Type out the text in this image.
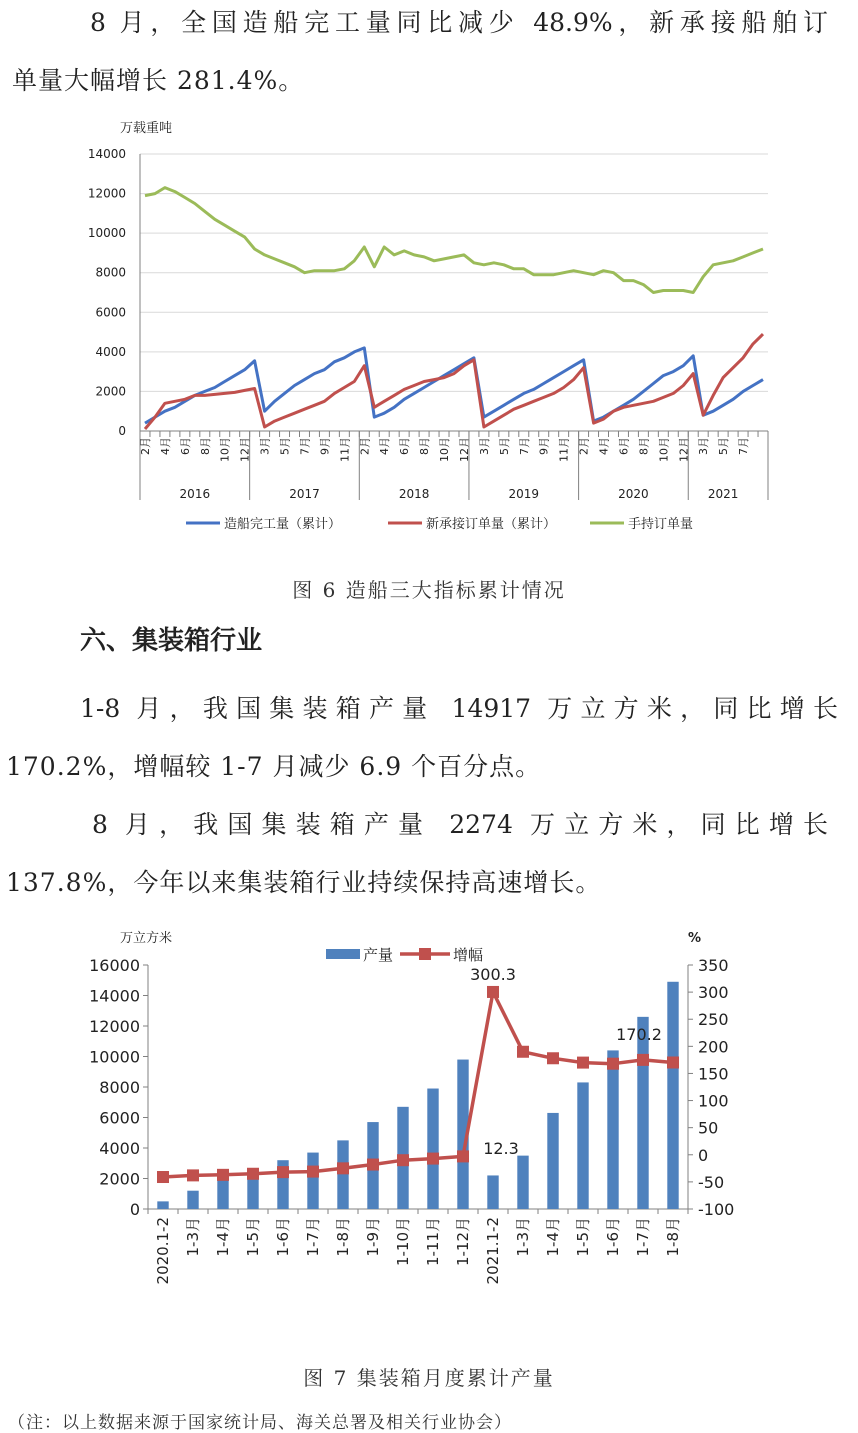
8 月，全国造船完工量同比减少 48.9%，新承接船舶订
单量大幅增长 281.4%。

万载重吨
0
2000
4000
6000
8000
10000
12000
14000
2月 4月 6月 8月 10月 12月 3月 5月 7月 9月 11月 2月 4月 6月 8月 10月 12月 3月 5月 7月 9月 11月 2月 4月 6月 8月 10月 12月 3月 5月 7月
2016	2017	2018	2019	2020	2021
造船完工量（累计）	新承接订单量（累计）	手持订单量

图 6 造船三大指标累计情况

六、集装箱行业

1-8 月，我国集装箱产量 14917 万立方米，同比增长
170.2%，增幅较 1-7 月减少 6.9 个百分点。

8 月，我国集装箱产量 2274 万立方米，同比增长
137.8%，今年以来集装箱行业持续保持高速增长。

万立方米	%
0
2000
4000
6000
8000
10000
12000
14000
16000
-100
-50
0
50
100
150
200
250
300
350
2020.1-2 1-3月 1-4月 1-5月 1-6月 1-7月 1-8月 1-9月 1-10月 1-11月 1-12月 2021.1-2 1-3月 1-4月 1-5月 1-6月 1-7月 1-8月
300.3
12.3
170.2
产量	增幅

图 7 集装箱月度累计产量

（注：以上数据来源于国家统计局、海关总署及相关行业协会）
